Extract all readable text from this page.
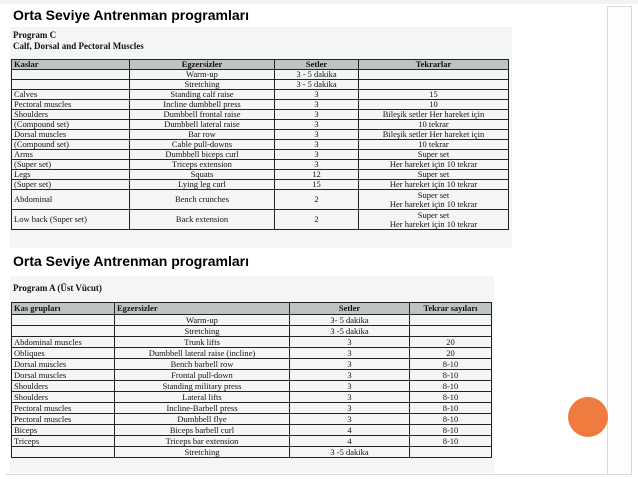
Orta Seviye Antrenman programları
Program C
Calf, Dorsal and Pectoral Muscles
Kaslar	Egzersizler	Setler	Tekrarlar
	Warm-up	3 - 5 dakika	
	Stretching	3 - 5 dakika	
Calves	Standing calf raise	3	15
Pectoral muscles	Incline dumbbell press	3	10
Shoulders	Dumbbell frontal raise	3	Bileşik setler Her hareket için
(Compound set)	Dumbbell lateral raise	3	10 tekrar
Dorsal muscles	Bar row	3	Bileşik setler Her hareket için
(Compound set)	Cable pull-downs	3	10 tekrar
Arms	Dumbbell biceps curl	3	Super set
(Super set)	Triceps extension	3	Her hareket için 10 tekrar
Legs	Squats	12	Super set
(Super set)	Lying leg curl	15	Her hareket için 10 tekrar
Abdominal	Bench crunches	2	Super set
Her hareket için 10 tekrar
Low back (Super set)	Back extension	2	Super set
Her hareket için 10 tekrar
Orta Seviye Antrenman programları
Program A (Üst Vücut)
Kas grupları	Egzersizler	Setler	Tekrar sayıları
	Warm-up	3- 5 dakika	
	Stretching	3 -5 dakika	
Abdominal muscles	Trunk lifts	3	20
Obliques	Dumbbell lateral raise (incline)	3	20
Dorsal muscles	Bench barbell row	3	8-10
Dorsal muscles	Frontal pull-down	3	8-10
Shoulders	Standing military press	3	8-10
Shoulders	Lateral lifts	3	8-10
Pectoral muscles	Incline-Barbell press	3	8-10
Pectoral muscles	Dumbbell flye	3	8-10
Biceps	Biceps barbell curl	4	8-10
Triceps	Triceps bar extension	4	8-10
	Stretching	3 -5 dakika	
